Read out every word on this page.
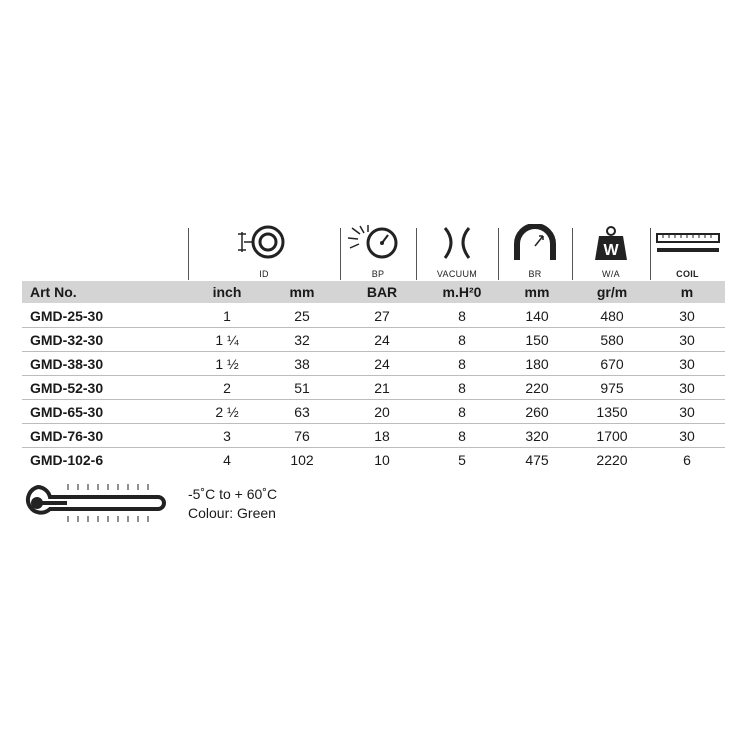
ID	BP	VACUUM	BR
W
W/A	COIL
Art No.	inch	mm	BAR	m.H²0	mm	gr/m	m
GMD-25-30	1	25	27	8	140	480	30
GMD-32-30	1 ¼	32	24	8	150	580	30
GMD-38-30	1 ½	38	24	8	180	670	30
GMD-52-30	2	51	21	8	220	975	30
GMD-65-30	2 ½	63	20	8	260	1350	30
GMD-76-30	3	76	18	8	320	1700	30
GMD-102-6	4	102	10	5	475	2220	6
-5˚C to + 60˚C
Colour: Green
